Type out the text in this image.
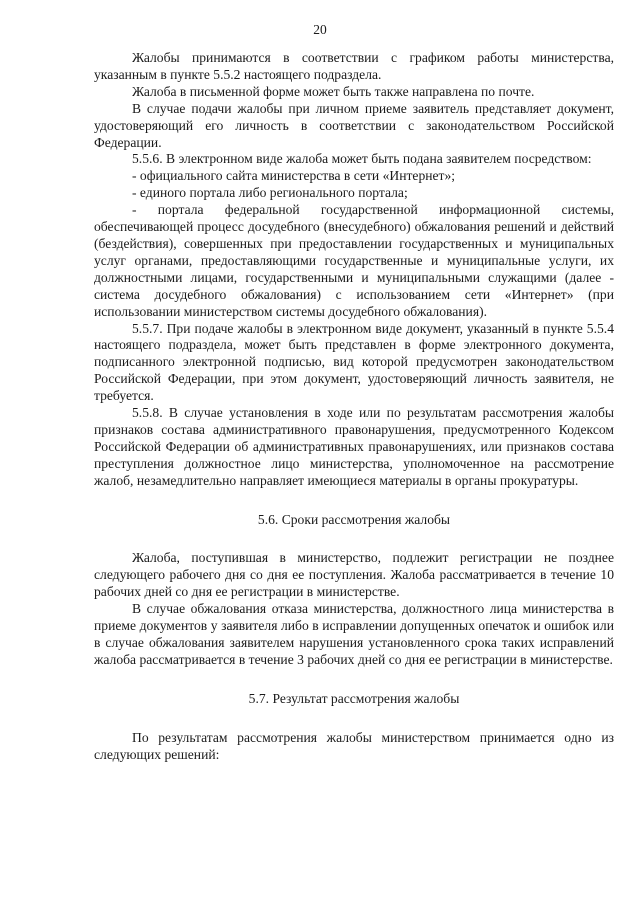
20

Жалобы принимаются в соответствии с графиком работы министерства, указанным в пункте 5.5.2 настоящего подраздела.

Жалоба в письменной форме может быть также направлена по почте.

В случае подачи жалобы при личном приеме заявитель представляет документ, удостоверяющий его личность в соответствии с законодательством Российской Федерации.

5.5.6. В электронном виде жалоба может быть подана заявителем посредством:

- официального сайта министерства в сети «Интернет»;

- единого портала либо регионального портала;

- портала федеральной государственной информационной системы, обеспечивающей процесс досудебного (внесудебного) обжалования решений и действий (бездействия), совершенных при предоставлении государственных и муниципальных услуг органами, предоставляющими государственные и муниципальные услуги, их должностными лицами, государственными и муниципальными служащими (далее - система досудебного обжалования) с использованием сети «Интернет» (при использовании министерством системы досудебного обжалования).

5.5.7. При подаче жалобы в электронном виде документ, указанный в пункте 5.5.4 настоящего подраздела, может быть представлен в форме электронного документа, подписанного электронной подписью, вид которой предусмотрен законодательством Российской Федерации, при этом документ, удостоверяющий личность заявителя, не требуется.

5.5.8. В случае установления в ходе или по результатам рассмотрения жалобы признаков состава административного правонарушения, предусмотренного Кодексом Российской Федерации об административных правонарушениях, или признаков состава преступления должностное лицо министерства, уполномоченное на рассмотрение жалоб, незамедлительно направляет имеющиеся материалы в органы прокуратуры.

5.6. Сроки рассмотрения жалобы

Жалоба, поступившая в министерство, подлежит регистрации не позднее следующего рабочего дня со дня ее поступления. Жалоба рассматривается в течение 10 рабочих дней со дня ее регистрации в министерстве.

В случае обжалования отказа министерства, должностного лица министерства в приеме документов у заявителя либо в исправлении допущенных опечаток и ошибок или в случае обжалования заявителем нарушения установленного срока таких исправлений жалоба рассматривается в течение 3 рабочих дней со дня ее регистрации в министерстве.

5.7. Результат рассмотрения жалобы

По результатам рассмотрения жалобы министерством принимается одно из следующих решений:
